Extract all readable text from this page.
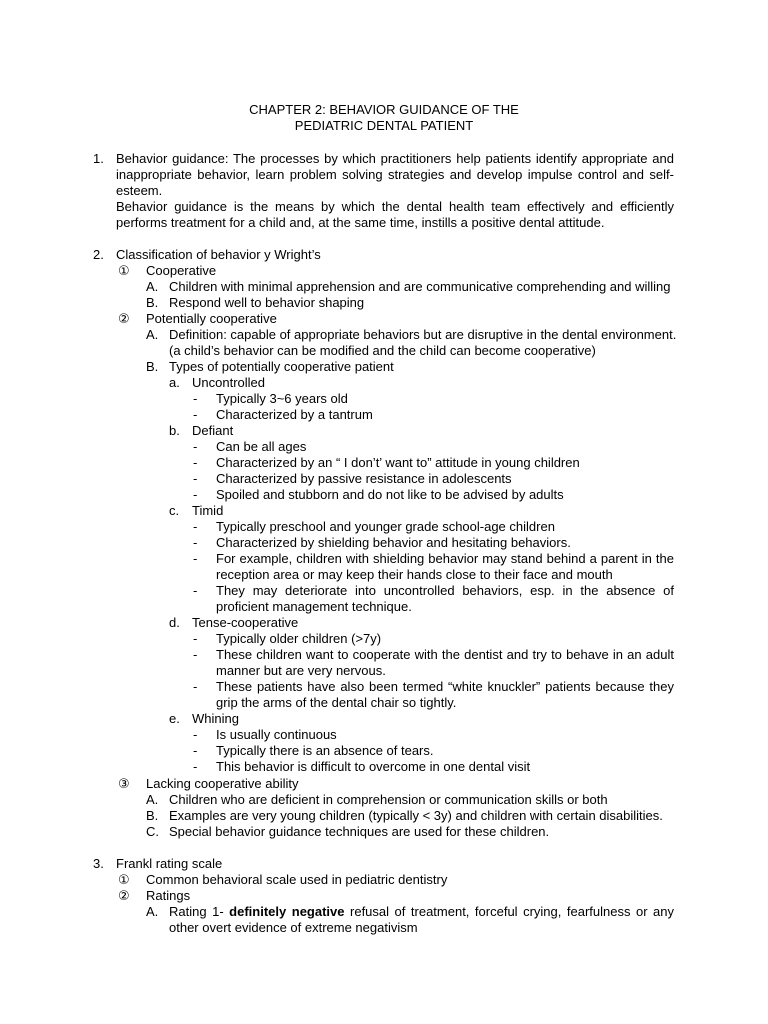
CHAPTER 2: BEHAVIOR GUIDANCE OF THE
PEDIATRIC DENTAL PATIENT
1. Behavior guidance: The processes by which practitioners help patients identify appropriate and
inappropriate behavior, learn problem solving strategies and develop impulse control and self-
esteem.
Behavior guidance is the means by which the dental health team effectively and efficiently
performs treatment for a child and, at the same time, instills a positive dental attitude.
2. Classification of behavior y Wright’s
① Cooperative
A. Children with minimal apprehension and are communicative comprehending and willing
B. Respond well to behavior shaping
② Potentially cooperative
A. Definition: capable of appropriate behaviors but are disruptive in the dental environment.
(a child’s behavior can be modified and the child can become cooperative)
B. Types of potentially cooperative patient
a. Uncontrolled
- Typically 3~6 years old
- Characterized by a tantrum
b. Defiant
- Can be all ages
- Characterized by an “ I don’t’ want to” attitude in young children
- Characterized by passive resistance in adolescents
- Spoiled and stubborn and do not like to be advised by adults
c. Timid
- Typically preschool and younger grade school-age children
- Characterized by shielding behavior and hesitating behaviors.
- For example, children with shielding behavior may stand behind a parent in the
reception area or may keep their hands close to their face and mouth
- They may deteriorate into uncontrolled behaviors, esp. in the absence of
proficient management technique.
d. Tense-cooperative
- Typically older children (>7y)
- These children want to cooperate with the dentist and try to behave in an adult
manner but are very nervous.
- These patients have also been termed “white knuckler” patients because they
grip the arms of the dental chair so tightly.
e. Whining
- Is usually continuous
- Typically there is an absence of tears.
- This behavior is difficult to overcome in one dental visit
③ Lacking cooperative ability
A. Children who are deficient in comprehension or communication skills or both
B. Examples are very young children (typically < 3y) and children with certain disabilities.
C. Special behavior guidance techniques are used for these children.
3. Frankl rating scale
① Common behavioral scale used in pediatric dentistry
② Ratings
A. Rating 1- definitely negative refusal of treatment, forceful crying, fearfulness or any
other overt evidence of extreme negativism
